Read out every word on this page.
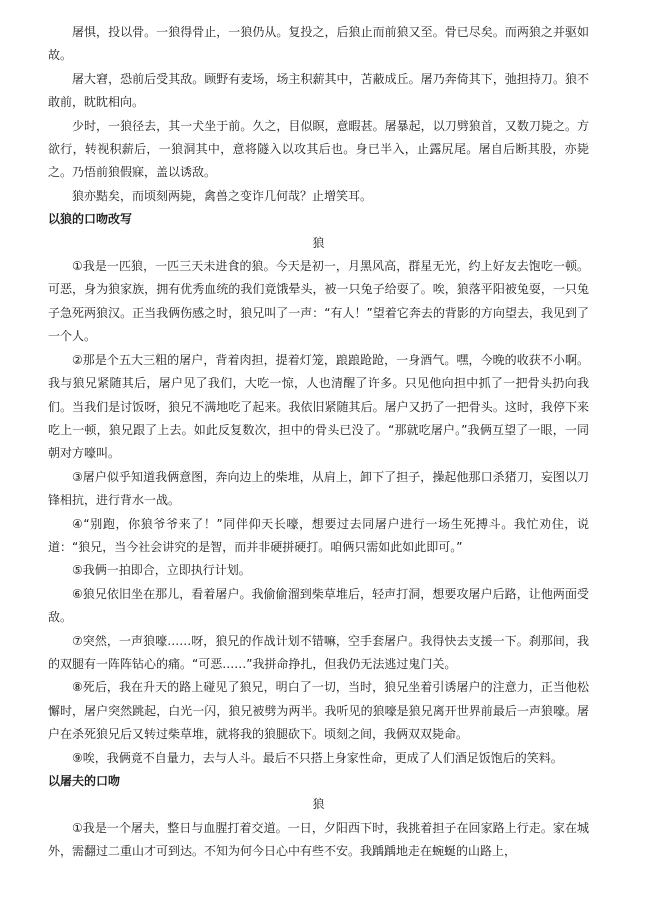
屠惧，投以骨。一狼得骨止，一狼仍从。复投之，后狼止而前狼又至。骨已尽矣。而两狼之并驱如故。

屠大窘，恐前后受其敌。顾野有麦场，场主积薪其中，苫蔽成丘。屠乃奔倚其下，弛担持刀。狼不敢前，眈眈相向。

少时，一狼径去，其一犬坐于前。久之，目似瞑，意暇甚。屠暴起，以刀劈狼首，又数刀毙之。方欲行，转视积薪后，一狼洞其中，意将隧入以攻其后也。身已半入，止露尻尾。屠自后断其股，亦毙之。乃悟前狼假寐，盖以诱敌。

狼亦黠矣，而顷刻两毙，禽兽之变诈几何哉？止增笑耳。

以狼的口吻改写

狼

①我是一匹狼，一匹三天未进食的狼。今天是初一，月黑风高，群星无光，约上好友去饱吃一顿。可恶，身为狼家族，拥有优秀血统的我们竟饿晕头，被一只兔子给耍了。唉，狼落平阳被兔耍，一只兔子急死两狼汉。正当我俩伤感之时，狼兄叫了一声：“有人！”望着它奔去的背影的方向望去，我见到了一个人。

②那是个五大三粗的屠户，背着肉担，提着灯笼，踉踉跄跄，一身酒气。嘿，今晚的收获不小啊。我与狼兄紧随其后，屠户见了我们，大吃一惊，人也清醒了许多。只见他向担中抓了一把骨头扔向我们。当我们是讨饭呀，狼兄不满地吃了起来。我依旧紧随其后。屠户又扔了一把骨头。这时，我停下来吃上一顿，狼兄跟了上去。如此反复数次，担中的骨头已没了。“那就吃屠户。”我俩互望了一眼，一同朝对方嚎叫。

③屠户似乎知道我俩意图，奔向边上的柴堆，从肩上，卸下了担子，操起他那口杀猪刀，妄图以刀锋相抗，进行背水一战。

④“别跑，你狼爷爷来了！”同伴仰天长嚎，想要过去同屠户进行一场生死搏斗。我忙劝住，说道：“狼兄，当今社会讲究的是智，而并非硬拼硬打。咱俩只需如此如此即可。”

⑤我俩一拍即合，立即执行计划。

⑥狼兄依旧坐在那儿，看着屠户。我偷偷溜到柴草堆后，轻声打洞，想要攻屠户后路，让他两面受敌。

⑦突然，一声狼嚎……呀，狼兄的作战计划不错嘛，空手套屠户。我得快去支援一下。刹那间，我的双腿有一阵阵钻心的痛。“可恶……”我拼命挣扎，但我仍无法逃过鬼门关。

⑧死后，我在升天的路上碰见了狼兄，明白了一切，当时，狼兄坐着引诱屠户的注意力，正当他松懈时，屠户突然跳起，白光一闪，狼兄被劈为两半。我听见的狼嚎是狼兄离开世界前最后一声狼嚎。屠户在杀死狼兄后又转过柴草堆，就将我的狼腿砍下。顷刻之间，我俩双双毙命。

⑨唉，我俩竟不自量力，去与人斗。最后不只搭上身家性命，更成了人们酒足饭饱后的笑料。

以屠夫的口吻

狼

①我是一个屠夫，整日与血腥打着交道。一日，夕阳西下时，我挑着担子在回家路上行走。家在城外，需翻过二重山才可到达。不知为何今日心中有些不安。我踽踽地走在蜿蜒的山路上，
